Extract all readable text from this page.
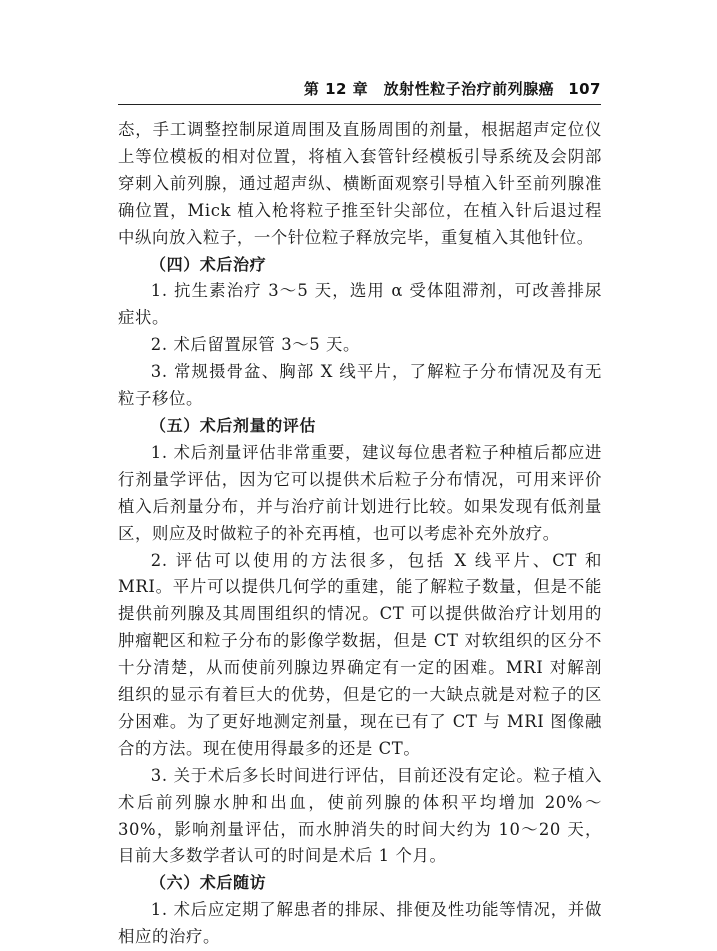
第 12 章　放射性粒子治疗前列腺癌 107

态，手工调整控制尿道周围及直肠周围的剂量，根据超声定位仪上等位模板的相对位置，将植入套管针经模板引导系统及会阴部穿刺入前列腺，通过超声纵、横断面观察引导植入针至前列腺准确位置，Mick 植入枪将粒子推至针尖部位，在植入针后退过程中纵向放入粒子，一个针位粒子释放完毕，重复植入其他针位。

（四）术后治疗

1. 抗生素治疗 3～5 天，选用 α 受体阻滞剂，可改善排尿症状。

2. 术后留置尿管 3～5 天。

3. 常规摄骨盆、胸部 X 线平片，了解粒子分布情况及有无粒子移位。

（五）术后剂量的评估

1. 术后剂量评估非常重要，建议每位患者粒子种植后都应进行剂量学评估，因为它可以提供术后粒子分布情况，可用来评价植入后剂量分布，并与治疗前计划进行比较。如果发现有低剂量区，则应及时做粒子的补充再植，也可以考虑补充外放疗。

2. 评估可以使用的方法很多，包括 X 线平片、CT 和 MRI。平片可以提供几何学的重建，能了解粒子数量，但是不能提供前列腺及其周围组织的情况。CT 可以提供做治疗计划用的肿瘤靶区和粒子分布的影像学数据，但是 CT 对软组织的区分不十分清楚，从而使前列腺边界确定有一定的困难。MRI 对解剖组织的显示有着巨大的优势，但是它的一大缺点就是对粒子的区分困难。为了更好地测定剂量，现在已有了 CT 与 MRI 图像融合的方法。现在使用得最多的还是 CT。

3. 关于术后多长时间进行评估，目前还没有定论。粒子植入术后前列腺水肿和出血，使前列腺的体积平均增加 20%～30%，影响剂量评估，而水肿消失的时间大约为 10～20 天，目前大多数学者认可的时间是术后 1 个月。

（六）术后随访

1. 术后应定期了解患者的排尿、排便及性功能等情况，并做相应的治疗。
